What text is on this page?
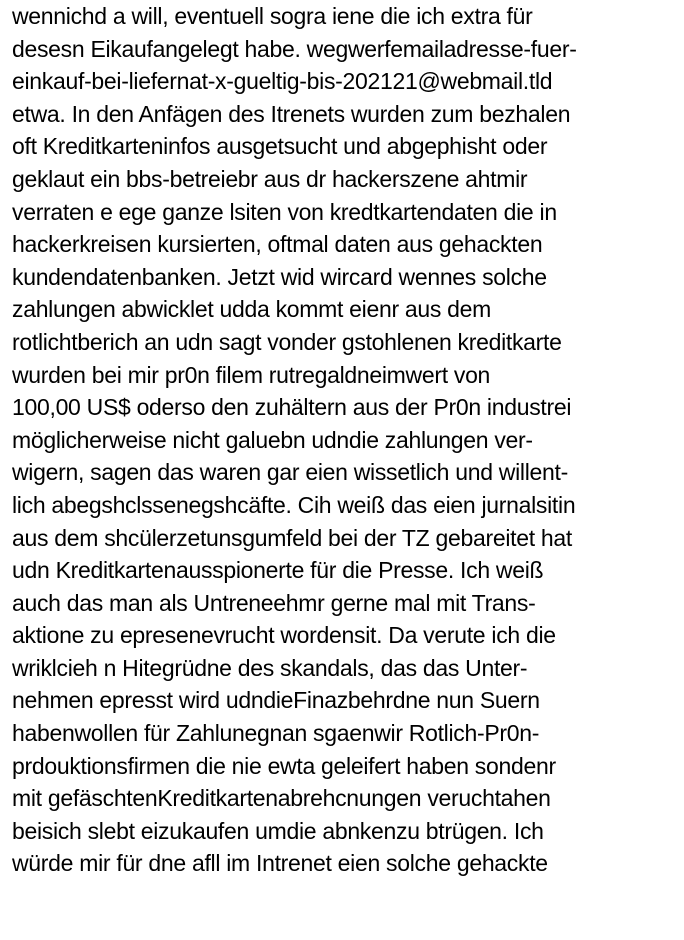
wennichd a will, eventuell sogra iene die ich extra für
desesn Eikaufangelegt habe. wegwerfemailadresse-fuer-
einkauf-bei-liefernat-x-gueltig-bis-202121@webmail.tld
etwa. In den Anfägen des Itrenets wurden zum bezhalen
oft Kreditkarteninfos ausgetsucht und abgephisht oder
geklaut ein bbs-betreiebr aus dr hackerszene ahtmir
verraten e ege ganze lsiten von kredtkartendaten die in
hackerkreisen kursierten, oftmal daten aus gehackten
kundendatenbanken. Jetzt wid wircard wennes solche
zahlungen abwicklet udda kommt eienr aus dem
rotlichtberich an udn sagt vonder gstohlenen kreditkarte
wurden bei mir pr0n filem rutregaldneimwert von
100,00 US$ oderso den zuhältern aus der Pr0n industrei
möglicherweise nicht galuebn udndie zahlungen ver-
wigern, sagen das waren gar eien wissetlich und willent-
lich abegshclssenegshcäfte. Cih weiß das eien jurnalsitin
aus dem shcülerzetunsgumfeld bei der TZ gebareitet hat
udn Kreditkartenausspionerte für die Presse. Ich weiß
auch das man als Untreneehmr gerne mal mit Trans-
aktione zu epresenevrucht wordensit. Da verute ich die
wriklcieh n Hitegrüdne des skandals, das das Unter-
nehmen epresst wird udndieFinazbehrdne nun Suern
habenwollen für Zahlunegnan sgaenwir Rotlich-Pr0n-
prdouktionsfirmen die nie ewta geleifert haben sondenr
mit gefäschtenKreditkartenabrehcnungen veruchtahen
beisich slebt eizukaufen umdie abnkenzu btrügen. Ich
würde mir für dne afll im Intrenet eien solche gehackte
